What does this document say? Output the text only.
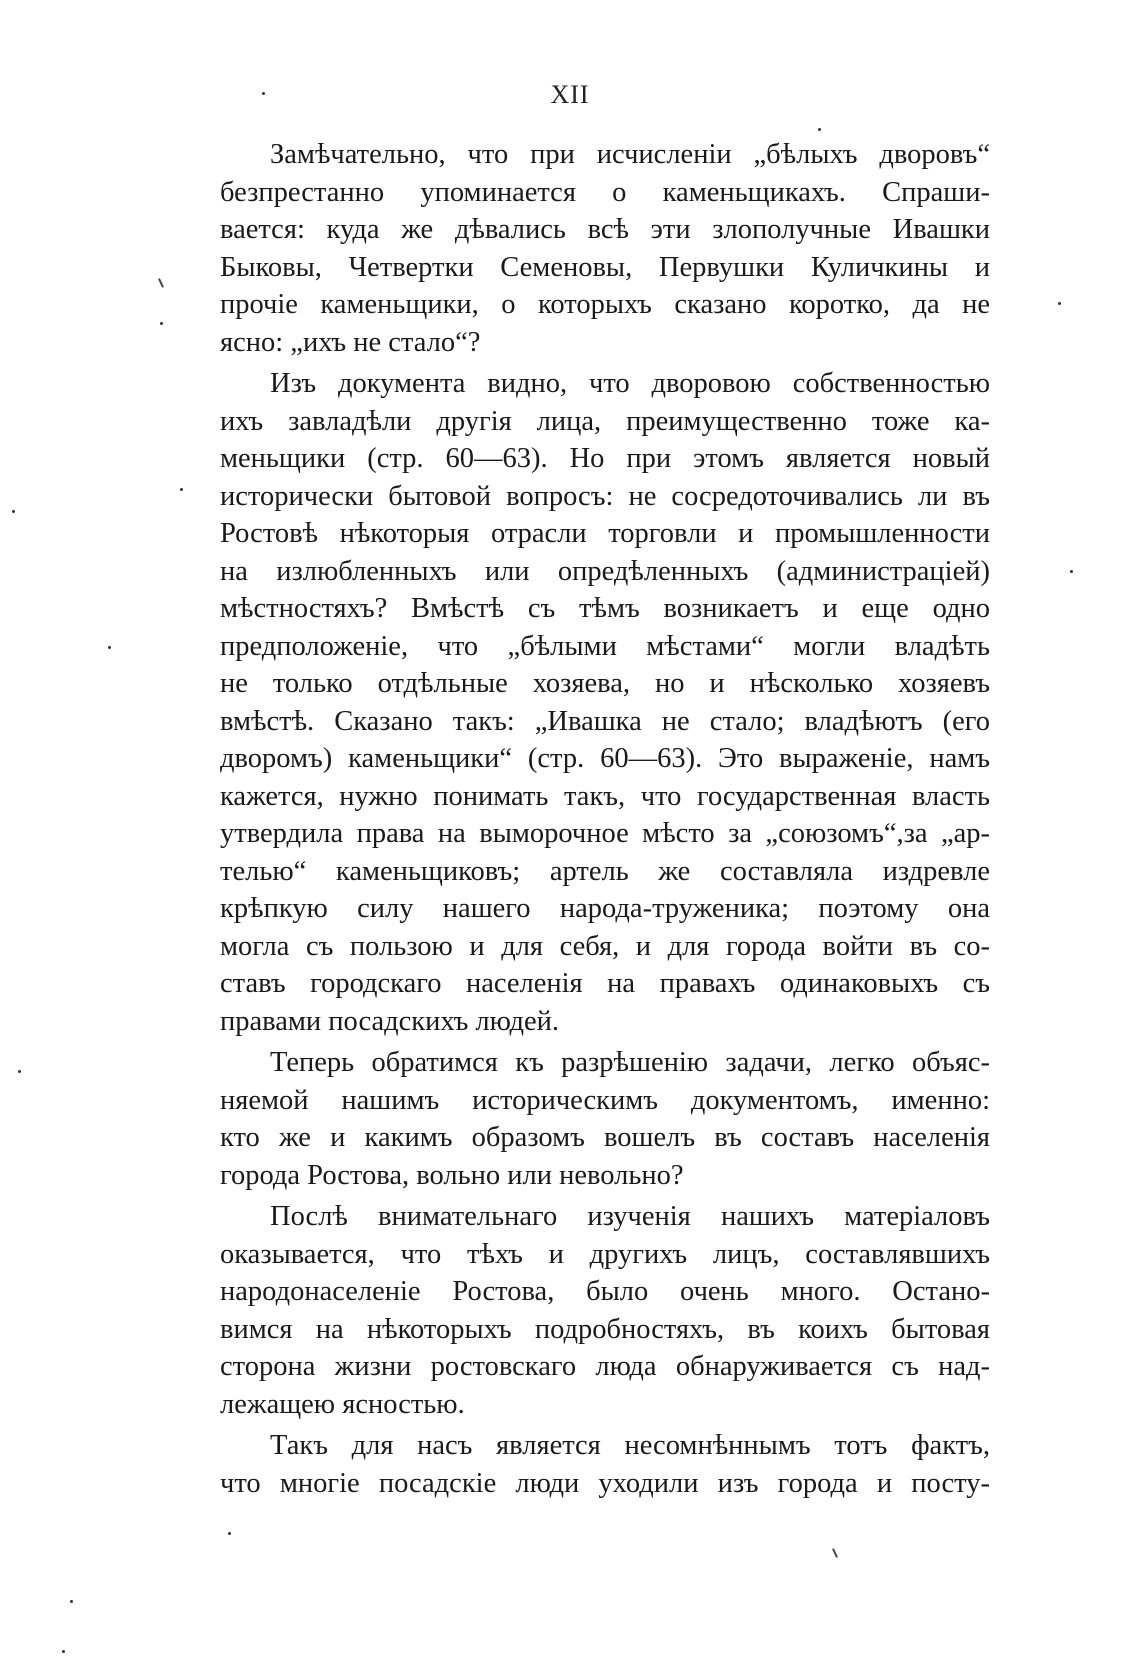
XII
Замѣчательно, что при исчисленіи „бѣлыхъ дворовъ“
безпрестанно упоминается о каменьщикахъ. Спраши-
вается: куда же дѣвались всѣ эти злополучные Ивашки
Быковы, Четвертки Семеновы, Первушки Куличкины и
прочіе каменьщики, о которыхъ сказано коротко, да не
ясно: „ихъ не стало“?
Изъ документа видно, что дворовою собственностью
ихъ завладѣли другія лица, преимущественно тоже ка-
меньщики (стр. 60—63). Но при этомъ является новый
исторически бытовой вопросъ: не сосредоточивались ли въ
Ростовѣ нѣкоторыя отрасли торговли и промышленности
на излюбленныхъ или опредѣленныхъ (администраціей)
мѣстностяхъ? Вмѣстѣ съ тѣмъ возникаетъ и еще одно
предположеніе, что „бѣлыми мѣстами“ могли владѣть
не только отдѣльные хозяева, но и нѣсколько хозяевъ
вмѣстѣ. Сказано такъ: „Ивашка не стало; владѣютъ (его
дворомъ) каменьщики“ (стр. 60—63). Это выраженіе, намъ
кажется, нужно понимать такъ, что государственная власть
утвердила права на выморочное мѣсто за „союзомъ“,за „ар-
телью“ каменьщиковъ; артель же составляла издревле
крѣпкую силу нашего народа-труженика; поэтому она
могла съ пользою и для себя, и для города войти въ со-
ставъ городскаго населенія на правахъ одинаковыхъ съ
правами посадскихъ людей.
Теперь обратимся къ разрѣшенію задачи, легко объяс-
няемой нашимъ историческимъ документомъ, именно:
кто же и какимъ образомъ вошелъ въ составъ населенія
города Ростова, вольно или невольно?
Послѣ внимательнаго изученія нашихъ матеріаловъ
оказывается, что тѣхъ и другихъ лицъ, составлявшихъ
народонаселеніе Ростова, было очень много. Остано-
вимся на нѣкоторыхъ подробностяхъ, въ коихъ бытовая
сторона жизни ростовскаго люда обнаруживается съ над-
лежащею ясностью.
Такъ для насъ является несомнѣннымъ тотъ фактъ,
что многіе посадскіе люди уходили изъ города и посту-
